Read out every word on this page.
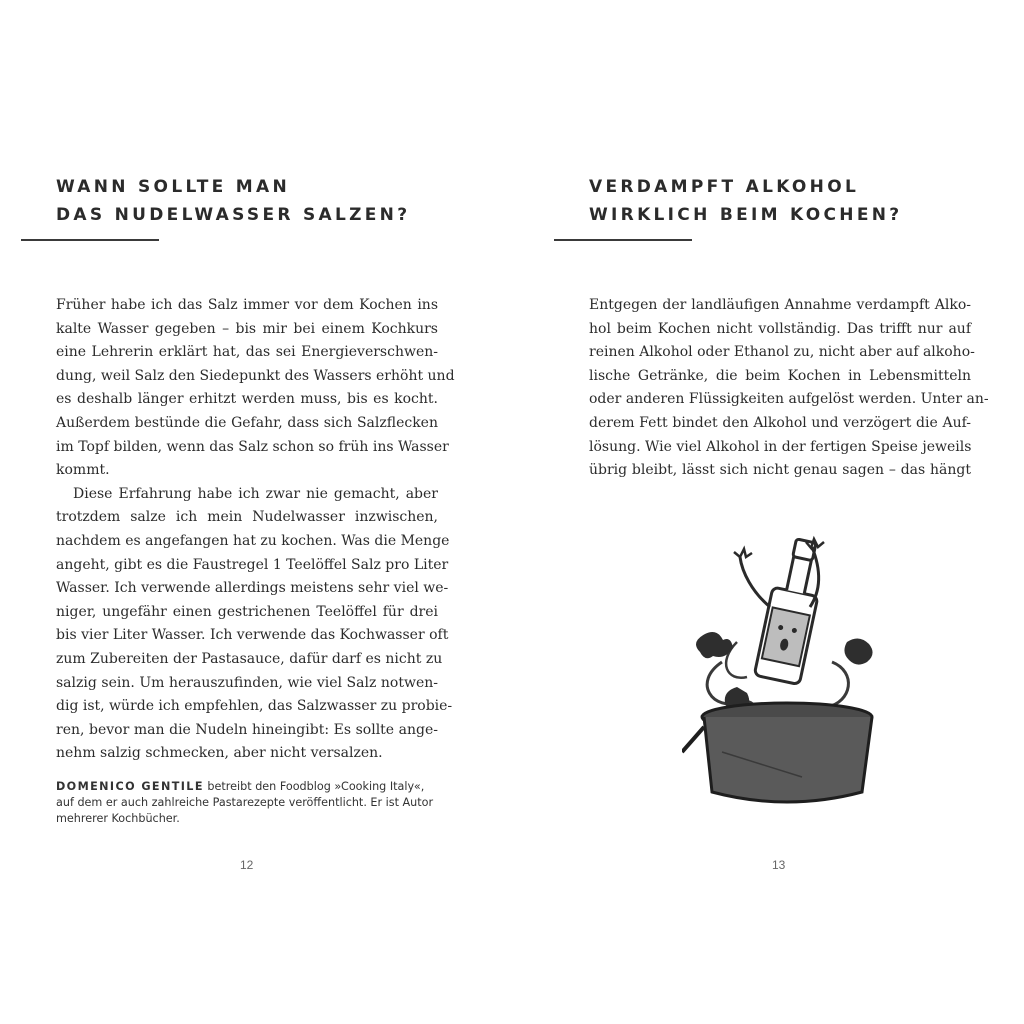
WANN SOLLTE MAN
DAS NUDELWASSER SALZEN?
Früher habe ich das Salz immer vor dem Kochen ins
kalte Wasser gegeben – bis mir bei einem Kochkurs
eine Lehrerin erklärt hat, das sei Energieverschwen-
dung, weil Salz den Siedepunkt des Wassers erhöht und
es deshalb länger erhitzt werden muss, bis es kocht.
Außerdem bestünde die Gefahr, dass sich Salzflecken
im Topf bilden, wenn das Salz schon so früh ins Wasser
kommt.
Diese Erfahrung habe ich zwar nie gemacht, aber
trotzdem salze ich mein Nudelwasser inzwischen,
nachdem es angefangen hat zu kochen. Was die Menge
angeht, gibt es die Faustregel 1 Teelöffel Salz pro Liter
Wasser. Ich verwende allerdings meistens sehr viel we-
niger, ungefähr einen gestrichenen Teelöffel für drei
bis vier Liter Wasser. Ich verwende das Kochwasser oft
zum Zubereiten der Pastasauce, dafür darf es nicht zu
salzig sein. Um herauszufinden, wie viel Salz notwen-
dig ist, würde ich empfehlen, das Salzwasser zu probie-
ren, bevor man die Nudeln hineingibt: Es sollte ange-
nehm salzig schmecken, aber nicht versalzen.
DOMENICO GENTILE betreibt den Foodblog »Cooking Italy«,
auf dem er auch zahlreiche Pastarezepte veröffentlicht. Er ist Autor
mehrerer Kochbücher.
12
VERDAMPFT ALKOHOL
WIRKLICH BEIM KOCHEN?
Entgegen der landläufigen Annahme verdampft Alko-
hol beim Kochen nicht vollständig. Das trifft nur auf
reinen Alkohol oder Ethanol zu, nicht aber auf alkoho-
lische Getränke, die beim Kochen in Lebensmitteln
oder anderen Flüssigkeiten aufgelöst werden. Unter an-
derem Fett bindet den Alkohol und verzögert die Auf-
lösung. Wie viel Alkohol in der fertigen Speise jeweils
übrig bleibt, lässt sich nicht genau sagen – das hängt
13
